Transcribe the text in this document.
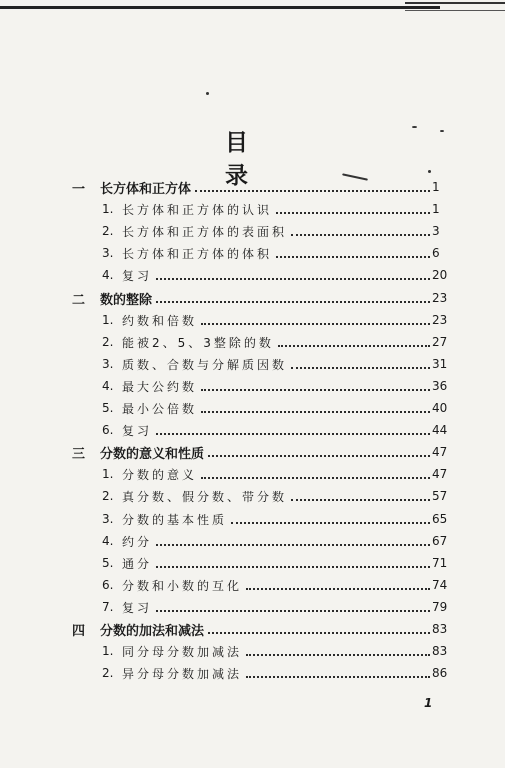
目 录
一	长方体和正方体	1
1. 长方体和正方体的认识	1
2. 长方体和正方体的表面积	3
3. 长方体和正方体的体积	6
4. 复习	20
二	数的整除	23
1. 约数和倍数	23
2. 能被2、5、3整除的数	27
3. 质数、合数与分解质因数	31
4. 最大公约数	36
5. 最小公倍数	40
6. 复习	44
三	分数的意义和性质	47
1. 分数的意义	47
2. 真分数、假分数、带分数	57
3. 分数的基本性质	65
4. 约分	67
5. 通分	71
6. 分数和小数的互化	74
7. 复习	79
四	分数的加法和减法	83
1. 同分母分数加减法	83
2. 异分母分数加减法	86
1
